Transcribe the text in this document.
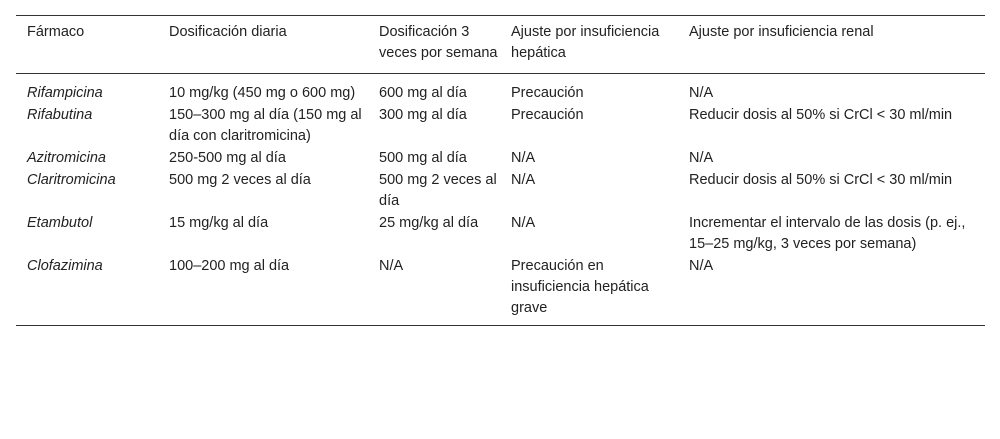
Fármaco	Dosificación diaria	Dosificación 3 veces por semana	Ajuste por insuficiencia hepática	Ajuste por insuficiencia renal
Rifampicina	10 mg/kg (450 mg o 600 mg)	600 mg al día	Precaución	N/A
Rifabutina	150–300 mg al día (150 mg al día con claritromicina)	300 mg al día	Precaución	Reducir dosis al 50% si CrCl < 30 ml/min
Azitromicina	250-500 mg al día	500 mg al día	N/A	N/A
Claritromicina	500 mg 2 veces al día	500 mg 2 veces al día	N/A	Reducir dosis al 50% si CrCl < 30 ml/min
Etambutol	15 mg/kg al día	25 mg/kg al día	N/A	Incrementar el intervalo de las dosis (p. ej., 15–25 mg/kg, 3 veces por semana)
Clofazimina	100–200 mg al día	N/A	Precaución en insuficiencia hepática grave	N/A
